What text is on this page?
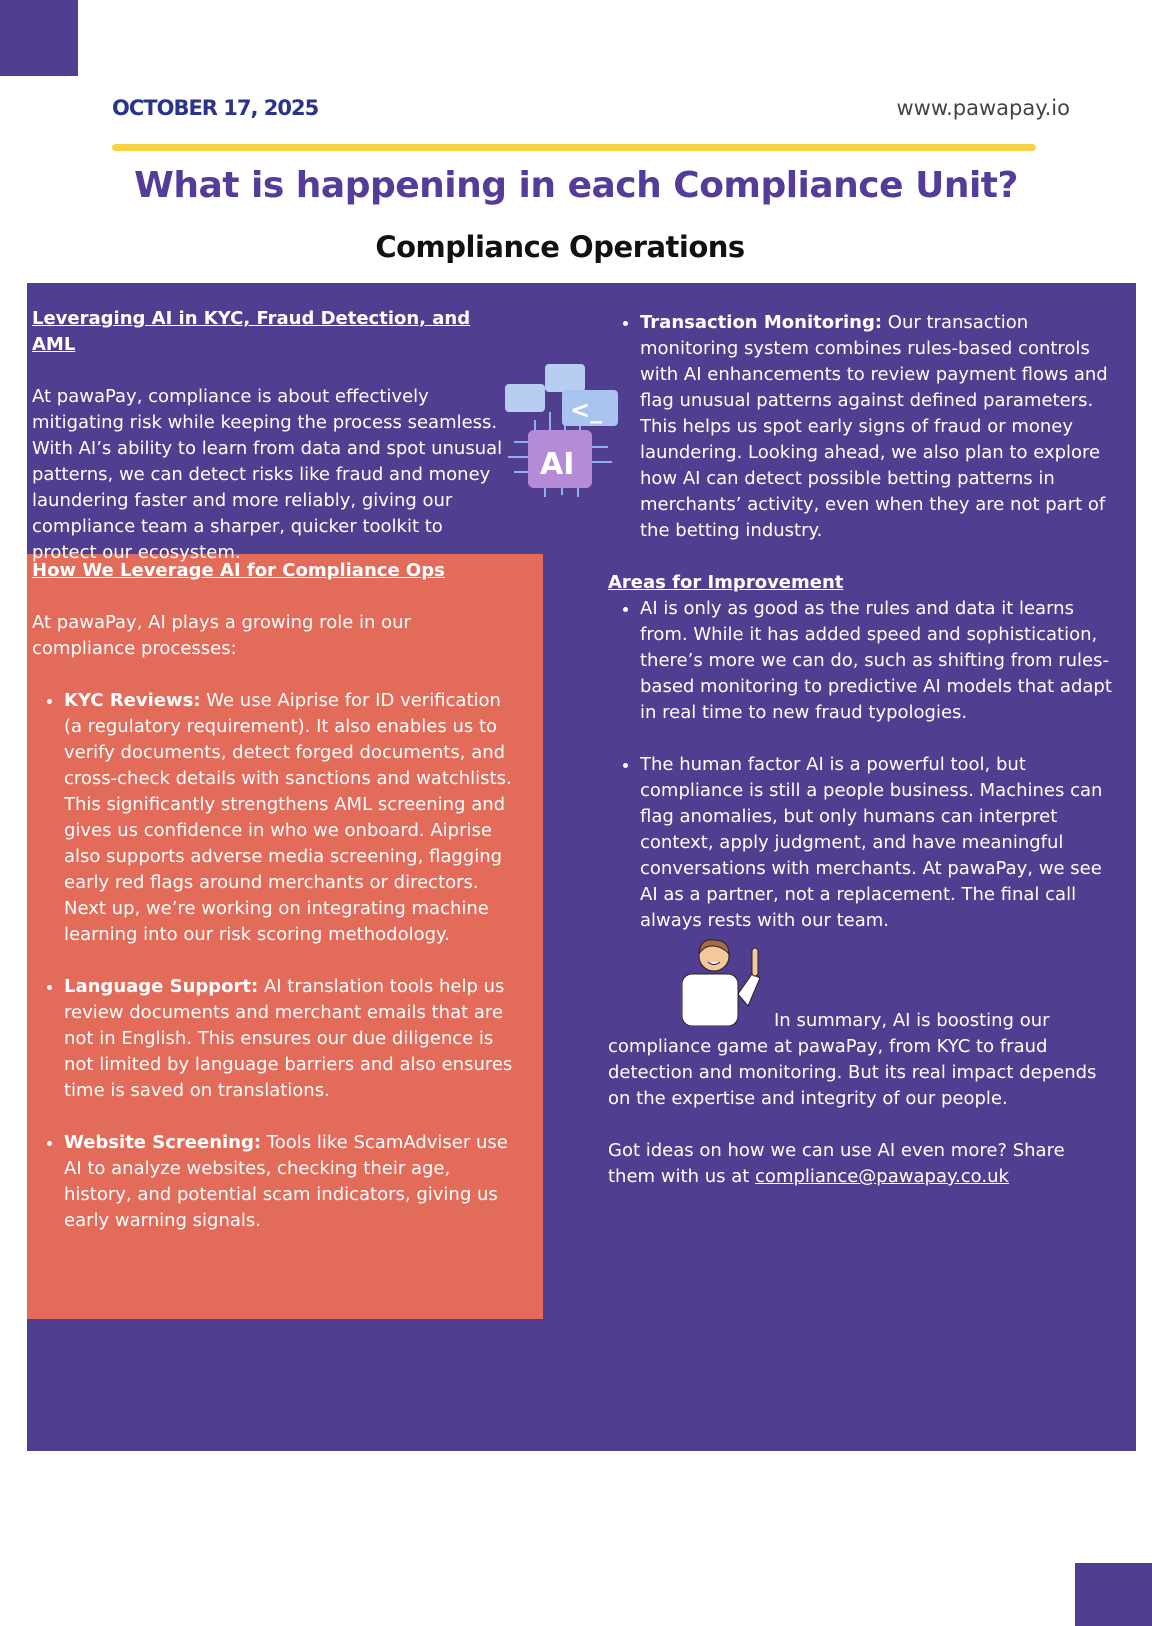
OCTOBER 17, 2025	www.pawapay.io
What is happening in each Compliance Unit?
Compliance Operations
Leveraging AI in KYC, Fraud Detection, and AML

At pawaPay, compliance is about effectively mitigating risk while keeping the process seamless. With AI’s ability to learn from data and spot unusual patterns, we can detect risks like fraud and money laundering faster and more reliably, giving our compliance team a sharper, quicker toolkit to protect our ecosystem.

<_
AI
How We Leverage AI for Compliance Ops

At pawaPay, AI plays a growing role in our compliance processes:

• KYC Reviews: We use Aiprise for ID verification (a regulatory requirement). It also enables us to verify documents, detect forged documents, and cross-check details with sanctions and watchlists. This significantly strengthens AML screening and gives us confidence in who we onboard. Aiprise also supports adverse media screening, flagging early red flags around merchants or directors. Next up, we’re working on integrating machine learning into our risk scoring methodology.
• Language Support: AI translation tools help us review documents and merchant emails that are not in English. This ensures our due diligence is not limited by language barriers and also ensures time is saved on translations.
• Website Screening: Tools like ScamAdviser use AI to analyze websites, checking their age, history, and potential scam indicators, giving us early warning signals.
• Transaction Monitoring: Our transaction monitoring system combines rules-based controls with AI enhancements to review payment flows and flag unusual patterns against defined parameters. This helps us spot early signs of fraud or money laundering. Looking ahead, we also plan to explore how AI can detect possible betting patterns in merchants’ activity, even when they are not part of the betting industry.
Areas for Improvement
• AI is only as good as the rules and data it learns from. While it has added speed and sophistication, there’s more we can do, such as shifting from rules-based monitoring to predictive AI models that adapt in real time to new fraud typologies.
• The human factor AI is a powerful tool, but compliance is still a people business. Machines can flag anomalies, but only humans can interpret context, apply judgment, and have meaningful conversations with merchants. At pawaPay, we see AI as a partner, not a replacement. The final call always rests with our team.

In summary, AI is boosting our compliance game at pawaPay, from KYC to fraud detection and monitoring. But its real impact depends on the expertise and integrity of our people.

Got ideas on how we can use AI even more? Share them with us at compliance@pawapay.co.uk
